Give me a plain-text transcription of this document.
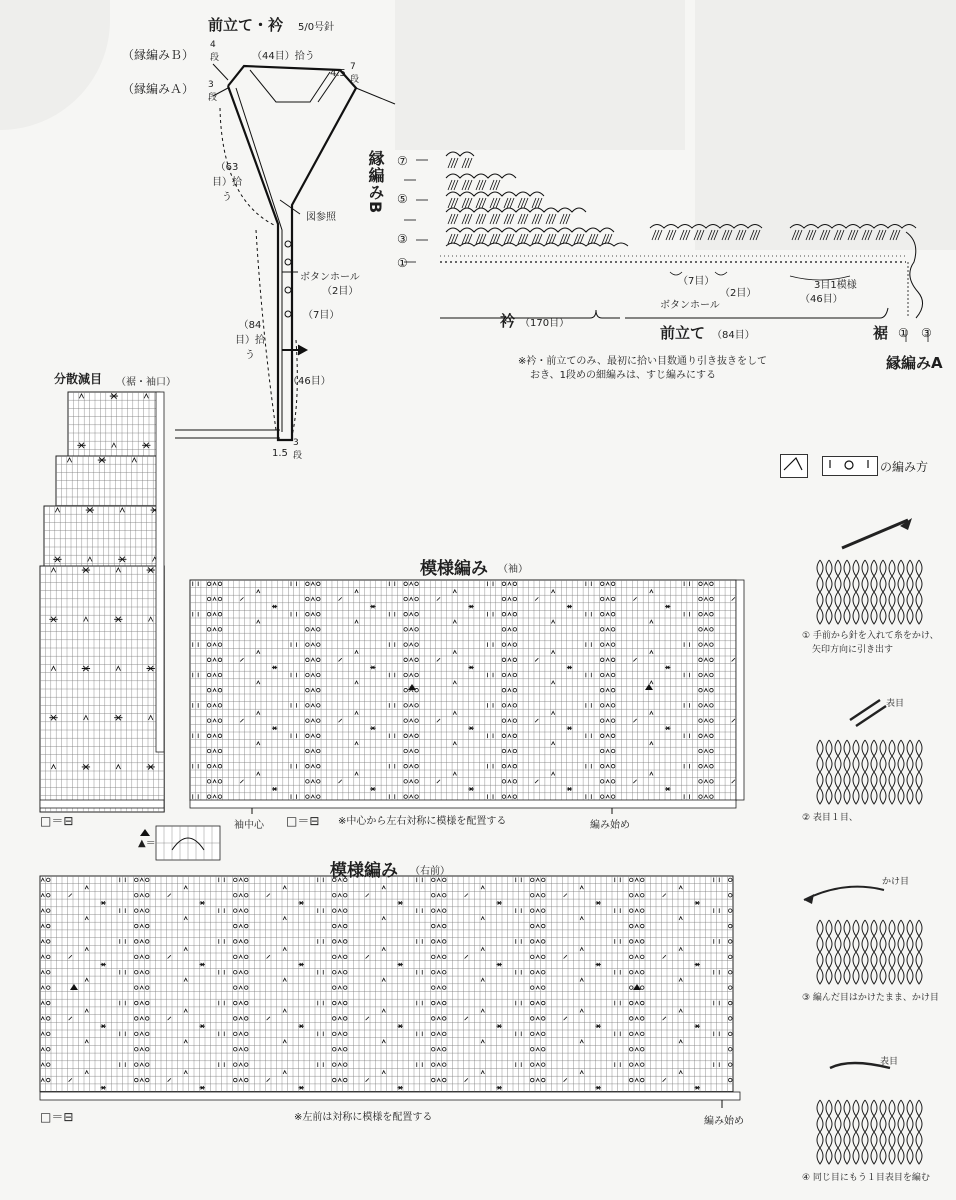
前立て・衿 5/0号針
（縁編みＢ）
（縁編みＡ）
4段
3段
（44目）拾う
4.5
7段
（63目）拾う
図参照
ボタンホール
（2目）
（7目）
（84目）拾う
（46目）
1.5
3段
縁編みB ⑦
⑤
③
①
（7目）
（2目）
ボタンホール
3目1模様
（46目）
衿 （170目）
前立て （84目）	裾 ① ③
縁編みA
※衿・前立てのみ、最初に拾い目数通り引き抜きをして
おき、1段めの細編みは、すじ編みにする
分散減目 （裾・袖口）
模様編み （袖）
□＝⊟	袖中心 □＝⊟ ※中心から左右対称に模様を配置する	編み始め
▲＝
模様編み （右前）
□＝⊟	※左前は対称に模様を配置する	編み始め
の編み方
① 手前から針を入れて糸をかけ、
矢印方向に引き出す
表目
② 表目１目、
かけ目
③ 編んだ目はかけたまま、かけ目
表目
④ 同じ目にもう１目表目を編む
